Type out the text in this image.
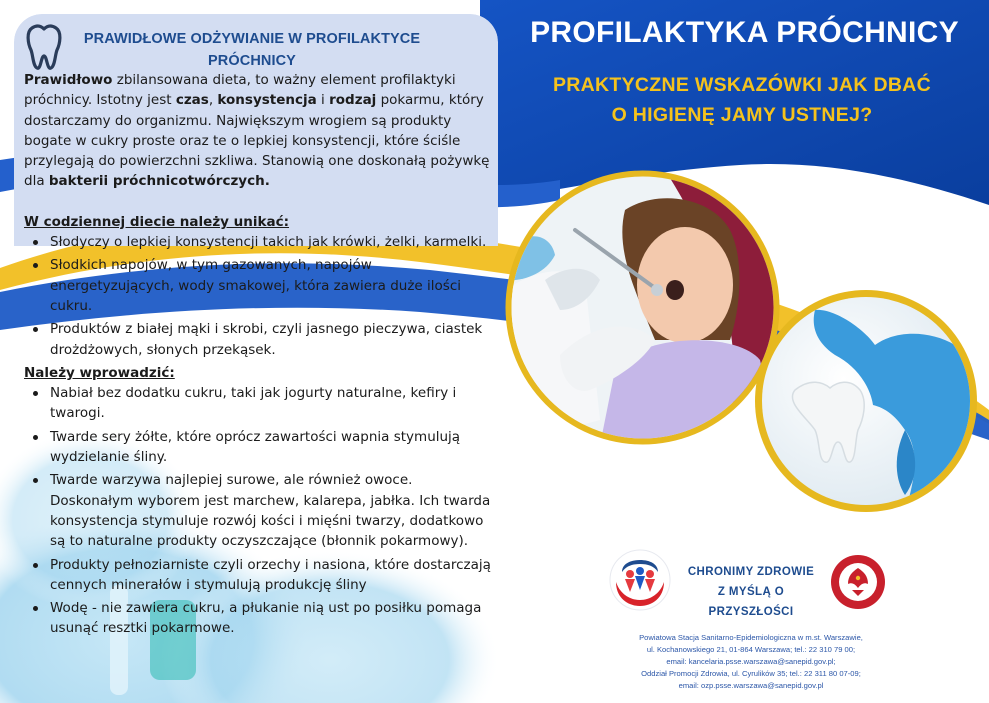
PRAWIDŁOWE ODŻYWIANIE W PROFILAKTYCE
PRÓCHNICY

Prawidłowo zbilansowana dieta, to ważny element profilaktyki próchnicy. Istotny jest czas, konsystencja i rodzaj pokarmu, który dostarczamy do organizmu. Największym wrogiem są produkty bogate w cukry proste oraz te o lepkiej konsystencji, które ściśle przylegają do powierzchni szkliwa. Stanowią one doskonałą pożywkę dla bakterii próchnicotwórczych.

W codziennej diecie należy unikać:
Słodyczy o lepkiej konsystencji takich jak krówki, żelki, karmelki.
Słodkich napojów, w tym gazowanych, napojów energetyzujących, wody smakowej, która zawiera duże ilości cukru.
Produktów z białej mąki i skrobi, czyli jasnego pieczywa, ciastek drożdżowych, słonych przekąsek.
Należy wprowadzić:
Nabiał bez dodatku cukru, taki jak jogurty naturalne, kefiry i twarogi.
Twarde sery żółte, które oprócz zawartości wapnia stymulują wydzielanie śliny.
Twarde warzywa najlepiej surowe, ale również owoce. Doskonałym wyborem jest marchew, kalarepa, jabłka. Ich twarda konsystencja stymuluje rozwój kości i mięśni twarzy, dodatkowo są to naturalne produkty oczyszczające (błonnik pokarmowy).
Produkty pełnoziarniste czyli orzechy i nasiona, które dostarczają cennych minerałów i stymulują produkcję śliny
Wodę - nie zawiera cukru, a płukanie nią ust po posiłku pomaga usunąć resztki pokarmowe.
PROFILAKTYKA PRÓCHNICY
PRAKTYCZNE WSKAZÓWKI JAK DBAĆ
O HIGIENĘ JAMY USTNEJ?
CHRONIMY ZDROWIE
Z MYŚLĄ O PRZYSZŁOŚCI
Powiatowa Stacja Sanitarno-Epidemiologiczna w m.st. Warszawie,
ul. Kochanowskiego 21, 01-864 Warszawa; tel.: 22 310 79 00;
email: kancelaria.psse.warszawa@sanepid.gov.pl;
Oddział Promocji Zdrowia, ul. Cyrulików 35; tel.: 22 311 80 07-09;
email: ozp.psse.warszawa@sanepid.gov.pl
